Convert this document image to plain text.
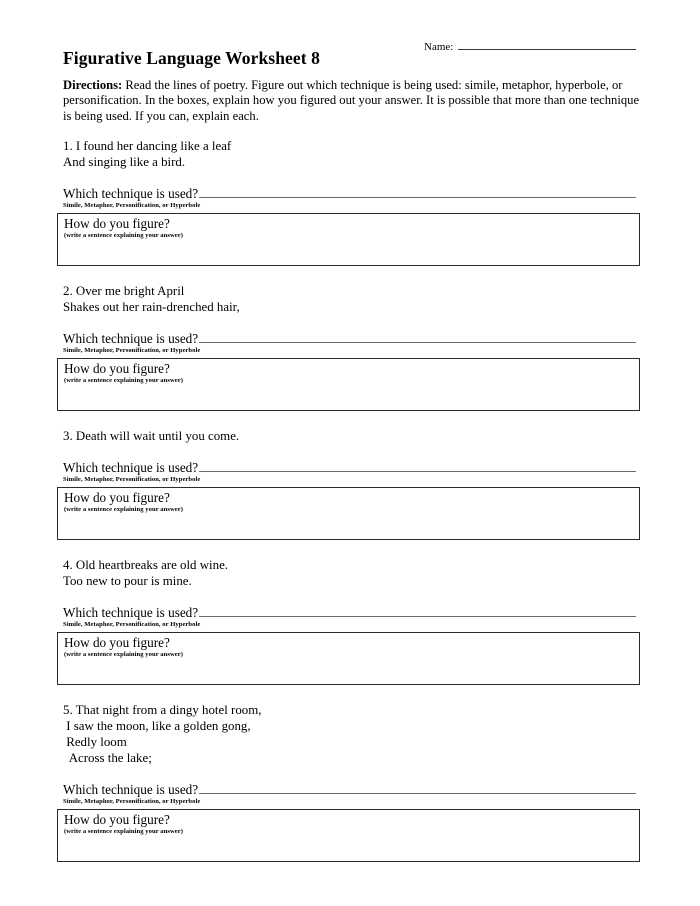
Name:
Figurative Language Worksheet 8

Directions: Read the lines of poetry. Figure out which technique is being used: simile, metaphor, hyperbole, or personification. In the boxes, explain how you figured out your answer. It is possible that more than one technique is being used. If you can, explain each.

1. I found her dancing like a leaf
And singing like a bird.
Which technique is used?
Simile, Metaphor, Personification, or Hyperbole

How do you figure?

(write a sentence explaining your answer)

2. Over me bright April
Shakes out her rain-drenched hair,
Which technique is used?
Simile, Metaphor, Personification, or Hyperbole

How do you figure?

(write a sentence explaining your answer)

3. Death will wait until you come.
Which technique is used?
Simile, Metaphor, Personification, or Hyperbole

How do you figure?

(write a sentence explaining your answer)

4. Old heartbreaks are old wine.
Too new to pour is mine.
Which technique is used?
Simile, Metaphor, Personification, or Hyperbole

How do you figure?

(write a sentence explaining your answer)

5. That night from a dingy hotel room,
I saw the moon, like a golden gong,
Redly loom
Across the lake;
Which technique is used?
Simile, Metaphor, Personification, or Hyperbole

How do you figure?

(write a sentence explaining your answer)
